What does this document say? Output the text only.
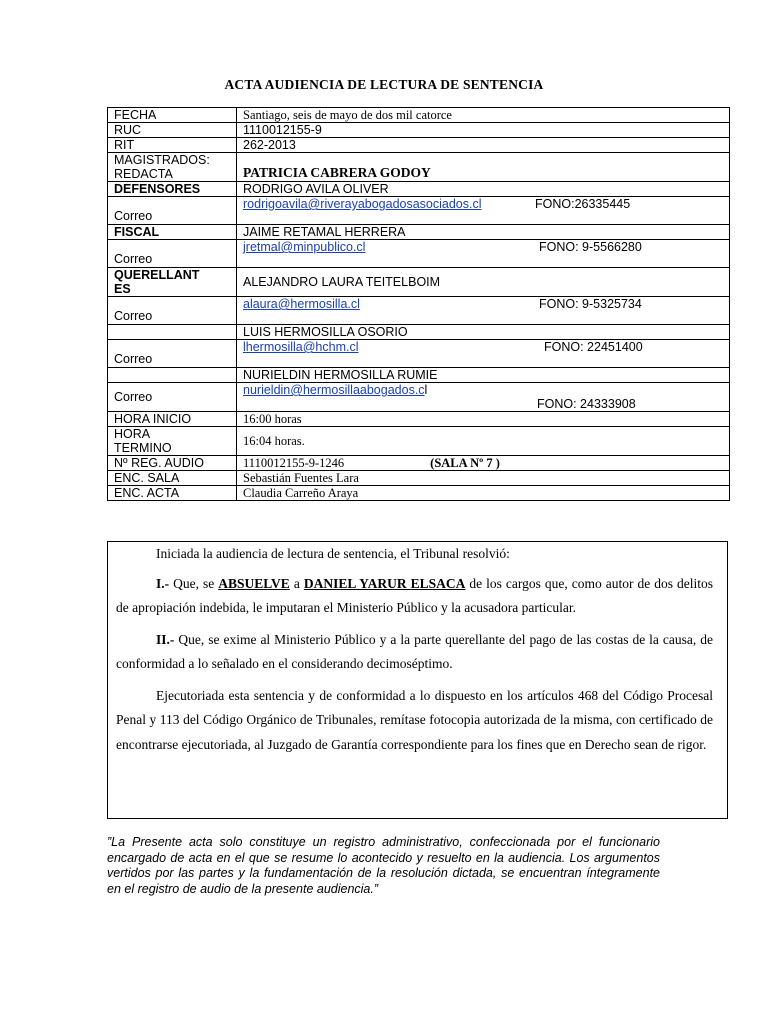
ACTA AUDIENCIA DE LECTURA DE SENTENCIA
FECHA	Santiago, seis de mayo de dos mil catorce
RUC	1110012155-9
RIT	262-2013

MAGISTRADOS:
REDACTA	PATRICIA CABRERA GODOY
DEFENSORES	RODRIGO AVILA OLIVER
Correo	rodrigoavila@riverayabogadosasociados.cl FONO:26335445
FISCAL	JAIME RETAMAL HERRERA
Correo	jretmal@minpublico.cl FONO: 9-5566280

QUERELLANT
ES	ALEJANDRO LAURA TEITELBOIM
Correo	alaura@hermosilla.cl FONO: 9-5325734
	LUIS HERMOSILLA OSORIO
Correo	lhermosilla@hchm.cl FONO: 22451400
	NURIELDIN HERMOSILLA RUMIE
Correo	nurieldin@hermosillaabogados.cl
FONO: 24333908

HORA INICIO	16:00 horas

HORA
TERMINO	16:04 horas.
Nº REG. AUDIO	1110012155-9-1246 (SALA Nº 7 )
ENC. SALA	Sebastián Fuentes Lara
ENC. ACTA	Claudia Carreño Araya

Iniciada la audiencia de lectura de sentencia, el Tribunal resolvió:

I.- Que, se ABSUELVE a DANIEL YARUR ELSACA de los cargos que, como autor de dos delitos de apropiación indebida, le imputaran el Ministerio Público y la acusadora particular.

II.- Que, se exime al Ministerio Público y a la parte querellante del pago de las costas de la causa, de conformidad a lo señalado en el considerando decimoséptimo.

Ejecutoriada esta sentencia y de conformidad a lo dispuesto en los artículos 468 del Código Procesal Penal y 113 del Código Orgánico de Tribunales, remítase fotocopia autorizada de la misma, con certificado de encontrarse ejecutoriada, al Juzgado de Garantía correspondiente para los fines que en Derecho sean de rigor.

”La Presente acta solo constituye un registro administrativo, confeccionada por el funcionario encargado de acta en el que se resume lo acontecido y resuelto en la audiencia. Los argumentos vertidos por las partes y la fundamentación de la resolución dictada, se encuentran íntegramente en el registro de audio de la presente audiencia.”
